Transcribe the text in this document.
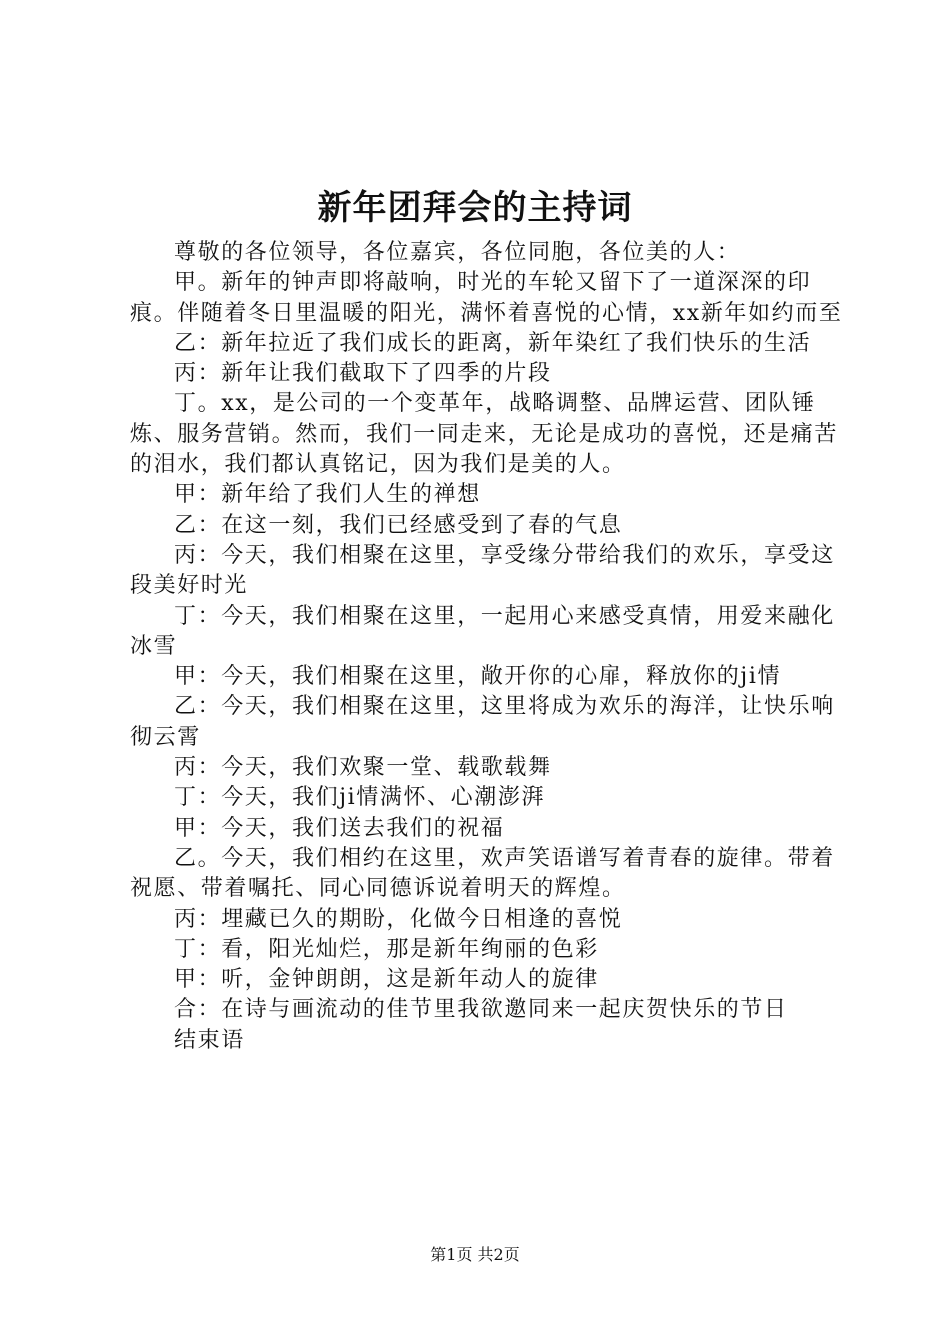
新年团拜会的主持词

尊敬的各位领导，各位嘉宾，各位同胞，各位美的人：

甲。新年的钟声即将敲响，时光的车轮又留下了一道深深的印痕。伴随着冬日里温暖的阳光，满怀着喜悦的心情，xx新年如约而至

乙：新年拉近了我们成长的距离，新年染红了我们快乐的生活

丙：新年让我们截取下了四季的片段

丁。xx，是公司的一个变革年，战略调整、品牌运营、团队锤炼、服务营销。然而，我们一同走来，无论是成功的喜悦，还是痛苦的泪水，我们都认真铭记，因为我们是美的人。

甲：新年给了我们人生的禅想

乙：在这一刻，我们已经感受到了春的气息

丙：今天，我们相聚在这里，享受缘分带给我们的欢乐，享受这段美好时光

丁：今天，我们相聚在这里，一起用心来感受真情，用爱来融化冰雪

甲：今天，我们相聚在这里，敞开你的心扉，释放你的ji情

乙：今天，我们相聚在这里，这里将成为欢乐的海洋，让快乐响彻云霄

丙：今天，我们欢聚一堂、载歌载舞

丁：今天，我们ji情满怀、心潮澎湃

甲：今天，我们送去我们的祝福

乙。今天，我们相约在这里，欢声笑语谱写着青春的旋律。带着祝愿、带着嘱托、同心同德诉说着明天的辉煌。

丙：埋藏已久的期盼，化做今日相逢的喜悦

丁：看，阳光灿烂，那是新年绚丽的色彩

甲：听，金钟朗朗，这是新年动人的旋律

合：在诗与画流动的佳节里我欲邀同来一起庆贺快乐的节日

结束语

第1页 共2页
